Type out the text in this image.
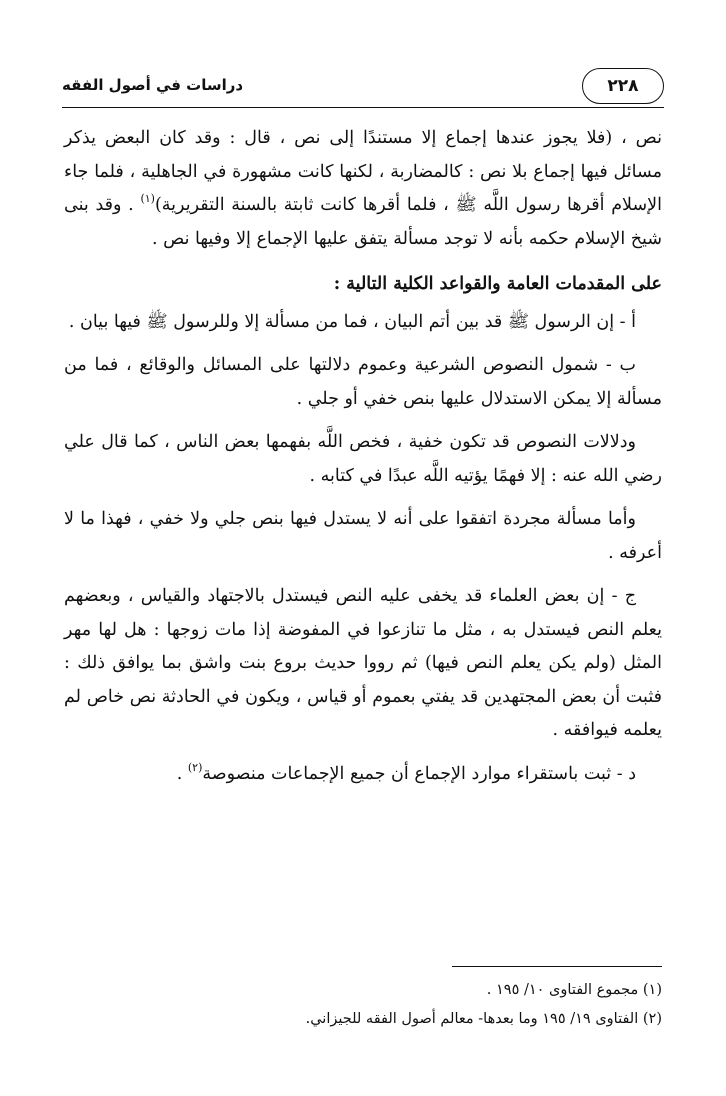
٢٢٨
دراسات في أصول الفقه

نص ، (فلا يجوز عندها إجماع إلا مستندًا إلى نص ، قال : وقد كان البعض يذكر مسائل فيها إجماع بلا نص : كالمضاربة ، لكنها كانت مشهورة في الجاهلية ، فلما جاء الإسلام أقرها رسول اللَّه ﷺ ، فلما أقرها كانت ثابتة بالسنة التقريرية)$^{(١)}$ . وقد بنى شيخ الإسلام حكمه بأنه لا توجد مسألة يتفق عليها الإجماع إلا وفيها نص .

على المقدمات العامة والقواعد الكلية التالية :

أ - إن الرسول ﷺ قد بين أتم البيان ، فما من مسألة إلا وللرسول ﷺ فيها بيان .

ب - شمول النصوص الشرعية وعموم دلالتها على المسائل والوقائع ، فما من مسألة إلا يمكن الاستدلال عليها بنص خفي أو جلي .

ودلالات النصوص قد تكون خفية ، فخص اللَّه بفهمها بعض الناس ، كما قال علي رضي الله عنه : إلا فهمًا يؤتيه اللَّه عبدًا في كتابه .

وأما مسألة مجردة اتفقوا على أنه لا يستدل فيها بنص جلي ولا خفي ، فهذا ما لا أعرفه .

ج - إن بعض العلماء قد يخفى عليه النص فيستدل بالاجتهاد والقياس ، وبعضهم يعلم النص فيستدل به ، مثل ما تنازعوا في المفوضة إذا مات زوجها : هل لها مهر المثل (ولم يكن يعلم النص فيها) ثم رووا حديث بروع بنت واشق بما يوافق ذلك : فثبت أن بعض المجتهدين قد يفتي بعموم أو قياس ، ويكون في الحادثة نص خاص لم يعلمه فيوافقه .

د - ثبت باستقراء موارد الإجماع أن جميع الإجماعات منصوصة$^{(٢)}$ .

(١) مجموع الفتاوى ١٠/ ١٩٥ .

(٢) الفتاوى ١٩/ ١٩٥ وما بعدها- معالم أصول الفقه للجيزاني.
